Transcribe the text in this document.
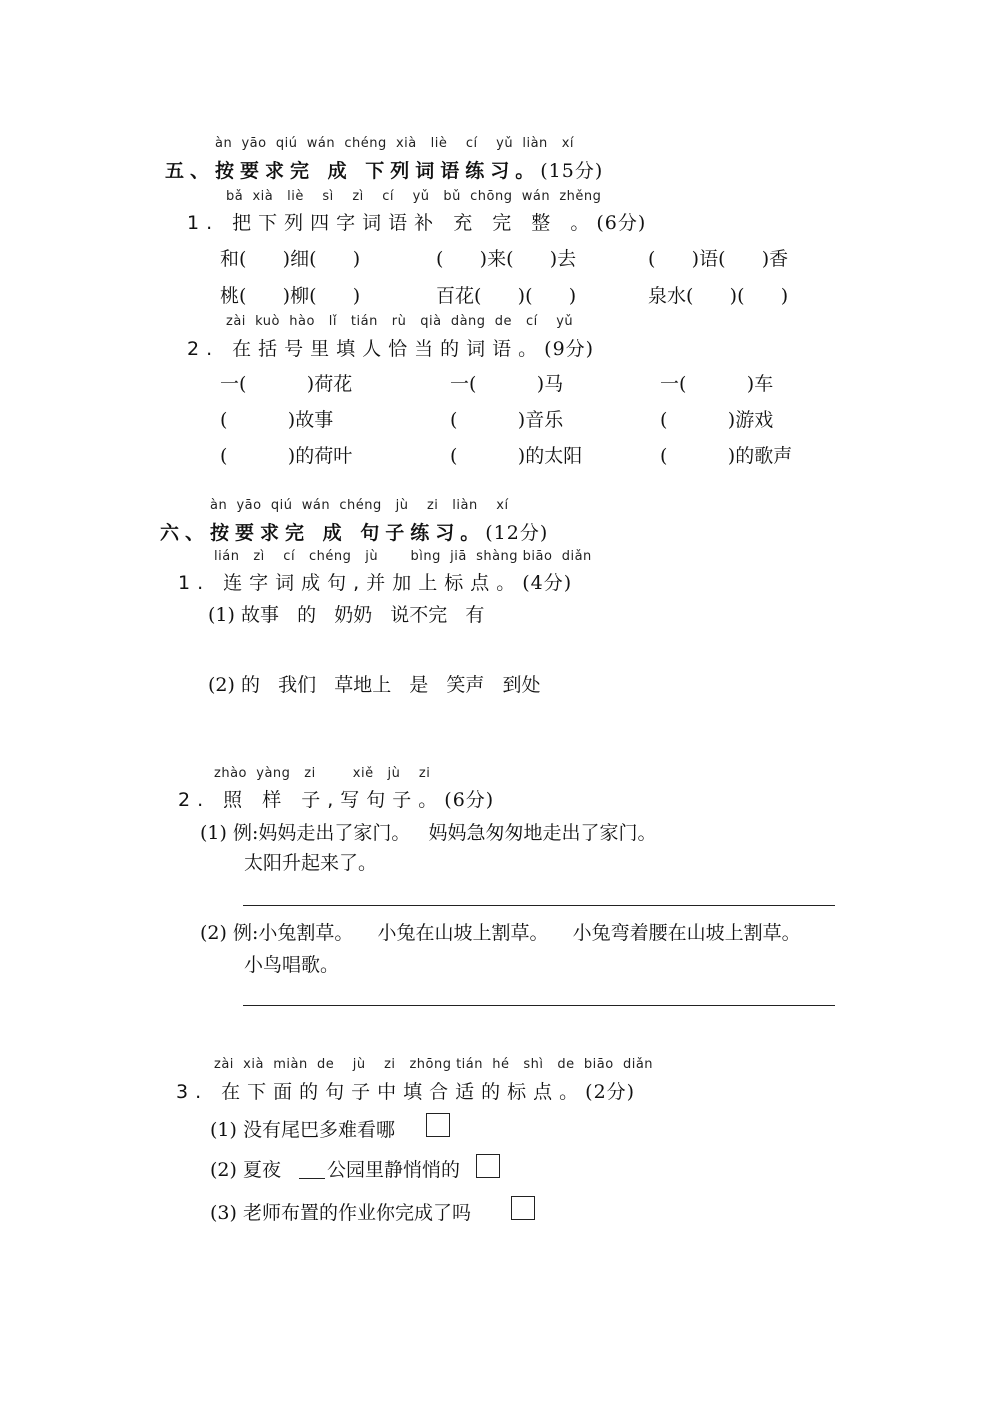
àn  yāo  qiú  wán  chéng  xià   liè    cí    yǔ  liàn   xí
五、按要求完 成 下列词语练习。(15分)
bǎ  xià   liè    sì    zì    cí    yǔ   bǔ  chōng  wán  zhěng
1. 把下列四字词语补 充 完 整 。(6分)
和(      )细(      )	(      )来(      )去	(      )语(      )香
桃(      )柳(      )	百花(      )(      )	泉水(      )(      )
zài  kuò  hào   lǐ   tián   rù   qià  dàng  de   cí    yǔ
2. 在括号里填人恰当的词语。(9分)
一(          )荷花	一(          )马	一(          )车
(          )故事	(          )音乐	(          )游戏
(          )的荷叶	(          )的太阳	(          )的歌声
àn  yāo  qiú  wán  chéng   jù    zi   liàn    xí
六、按要求完 成 句子练习。(12分)
lián   zì    cí   chéng   jù       bìng  jiā  shàng biāo  diǎn
1. 连字词成句,并加上标点。(4分)
(1) 故事   的   奶奶   说不完   有
(2) 的   我们   草地上   是   笑声   到处
zhào  yàng   zi        xiě   jù    zi
2. 照 样 子,写句子。(6分)
(1) 例:妈妈走出了家门。   妈妈急匆匆地走出了家门。
太阳升起来了。
(2) 例:小兔割草。    小兔在山坡上割草。    小兔弯着腰在山坡上割草。
小鸟唱歌。
zài  xià  miàn  de    jù    zi   zhōng tián  hé   shì   de  biāo  diǎn
3. 在下面的句子中填合适的标点。(2分)
(1) 没有尾巴多难看哪
(2) 夏夜 公园里静悄悄的
(3) 老师布置的作业你完成了吗
